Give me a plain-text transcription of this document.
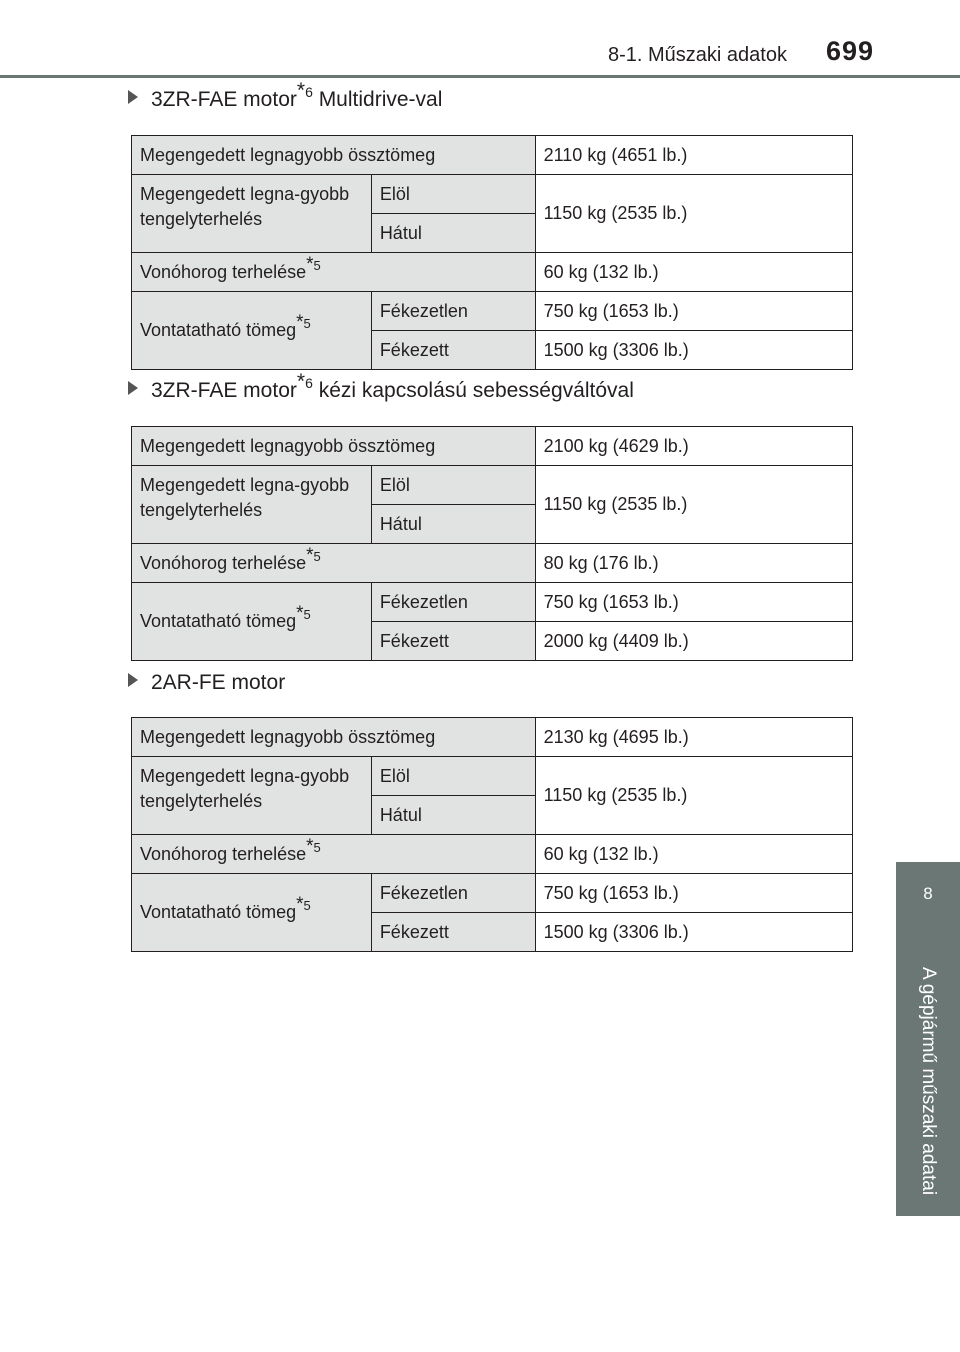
8-1. Műszaki adatok 699
8
A gépjármű műszaki adatai
3ZR-FAE motor$^{*6}$ Multidrive-val
Megengedett legnagyobb össztömeg		2110 kg (4651 lb.)
Megengedett legna-gyobb tengelyterhelés	Elöl	1150 kg (2535 lb.)
	Hátul	
Vonóhorog terhelése$^{*5}$		60 kg (132 lb.)
Vontatatható tömeg$^{*5}$	Fékezetlen	750 kg (1653 lb.)
	Fékezett	1500 kg (3306 lb.)
3ZR-FAE motor$^{*6}$ kézi kapcsolású sebességváltóval
Megengedett legnagyobb össztömeg		2100 kg (4629 lb.)
Megengedett legna-gyobb tengelyterhelés	Elöl	1150 kg (2535 lb.)
	Hátul	
Vonóhorog terhelése$^{*5}$		80 kg (176 lb.)
Vontatatható tömeg$^{*5}$	Fékezetlen	750 kg (1653 lb.)
	Fékezett	2000 kg (4409 lb.)
2AR-FE motor
Megengedett legnagyobb össztömeg		2130 kg (4695 lb.)
Megengedett legna-gyobb tengelyterhelés	Elöl	1150 kg (2535 lb.)
	Hátul	
Vonóhorog terhelése$^{*5}$		60 kg (132 lb.)
Vontatatható tömeg$^{*5}$	Fékezetlen	750 kg (1653 lb.)
	Fékezett	1500 kg (3306 lb.)
